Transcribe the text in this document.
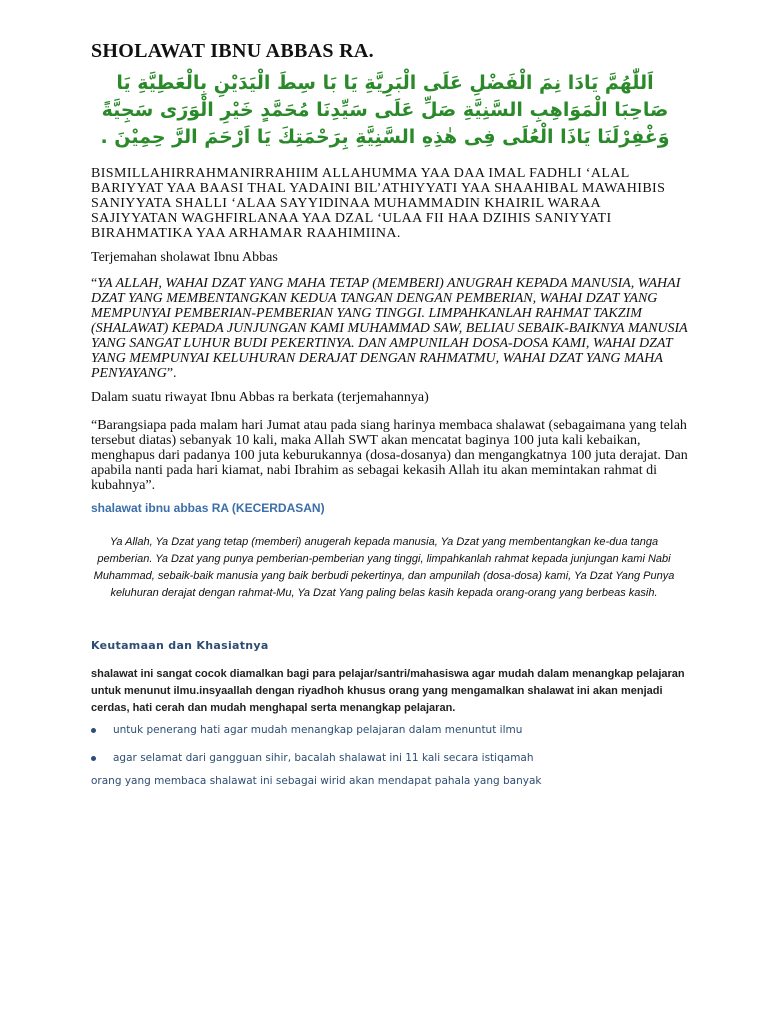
SHOLAWAT IBNU ABBAS RA.
اَللّٰهُمَّ يَادَا نِمَ الْفَضْلِ عَلَى الْبَرِيَّةِ يَا بَا سِطَ الْيَدَيْنِ بِالْعَطِيَّةِ يَا صَاحِبَا الْمَوَاهِبِ السَّنِيَّةِ صَلِّ عَلَى سَيِّدِنَا مُحَمَّدٍ خَيْرِ الْوَرَى سَجِيَّةً وَغْفِرْلَنَا يَاذَا الْعُلَى فِى هٰذِهِ السَّنِيَّةِ بِرَحْمَتِكَ يَا اَرْحَمَ الرَّ حِمِيْنَ .
BISMILLAHIRRAHMANIRRAHIIM ALLAHUMMA YAA DAA IMAL FADHLI ‘ALAL BARIYYAT YAA BAASI THAL YADAINI BIL’ATHIYYATI YAA SHAAHIBAL MAWAHIBIS SANIYYATA SHALLI ‘ALAA SAYYIDINAA MUHAMMADIN KHAIRIL WARAA SAJIYYATAN WAGHFIRLANAA YAA DZAL ‘ULAA FII HAA DZIHIS SANIYYATI BIRAHMATIKA YAA ARHAMAR RAAHIMIINA.
Terjemahan sholawat Ibnu Abbas
“YA ALLAH, WAHAI DZAT YANG MAHA TETAP (MEMBERI) ANUGRAH KEPADA MANUSIA, WAHAI DZAT YANG MEMBENTANGKAN KEDUA TANGAN DENGAN PEMBERIAN, WAHAI DZAT YANG MEMPUNYAI PEMBERIAN-PEMBERIAN YANG TINGGI. LIMPAHKANLAH RAHMAT TAKZIM (SHALAWAT) KEPADA JUNJUNGAN KAMI MUHAMMAD SAW, BELIAU SEBAIK-BAIKNYA MANUSIA YANG SANGAT LUHUR BUDI PEKERTINYA. DAN AMPUNILAH DOSA-DOSA KAMI, WAHAI DZAT YANG MEMPUNYAI KELUHURAN DERAJAT DENGAN RAHMATMU, WAHAI DZAT YANG MAHA PENYAYANG”.
Dalam suatu riwayat Ibnu Abbas ra berkata (terjemahannya)
“Barangsiapa pada malam hari Jumat atau pada siang harinya membaca shalawat (sebagaimana yang telah tersebut diatas) sebanyak 10 kali, maka Allah SWT akan mencatat baginya 100 juta kali kebaikan, menghapus dari padanya 100 juta keburukannya (dosa-dosanya) dan mengangkatnya 100 juta derajat. Dan apabila nanti pada hari kiamat, nabi Ibrahim as sebagai kekasih Allah itu akan memintakan rahmat di kubahnya”.
shalawat ibnu abbas RA (KECERDASAN)
Ya Allah, Ya Dzat yang tetap (memberi) anugerah kepada manusia, Ya Dzat yang membentangkan ke-dua tanga pemberian. Ya Dzat yang punya pemberian-pemberian yang tinggi, limpahkanlah rahmat kepada junjungan kami Nabi Muhammad, sebaik-baik manusia yang baik berbudi pekertinya, dan ampunilah (dosa-dosa) kami, Ya Dzat Yang Punya keluhuran derajat dengan rahmat-Mu, Ya Dzat Yang paling belas kasih kepada orang-orang yang berbeas kasih.
Keutamaan dan Khasiatnya
shalawat ini sangat cocok diamalkan bagi para pelajar/santri/mahasiswa agar mudah dalam menangkap pelajaran untuk menunut ilmu.insyaallah dengan riyadhoh khusus orang yang mengamalkan shalawat ini akan menjadi cerdas, hati cerah dan mudah menghapal serta menangkap pelajaran.
untuk penerang hati agar mudah menangkap pelajaran dalam menuntut ilmu
agar selamat dari gangguan sihir, bacalah shalawat ini 11 kali secara istiqamah
orang yang membaca shalawat ini sebagai wirid akan mendapat pahala yang banyak
